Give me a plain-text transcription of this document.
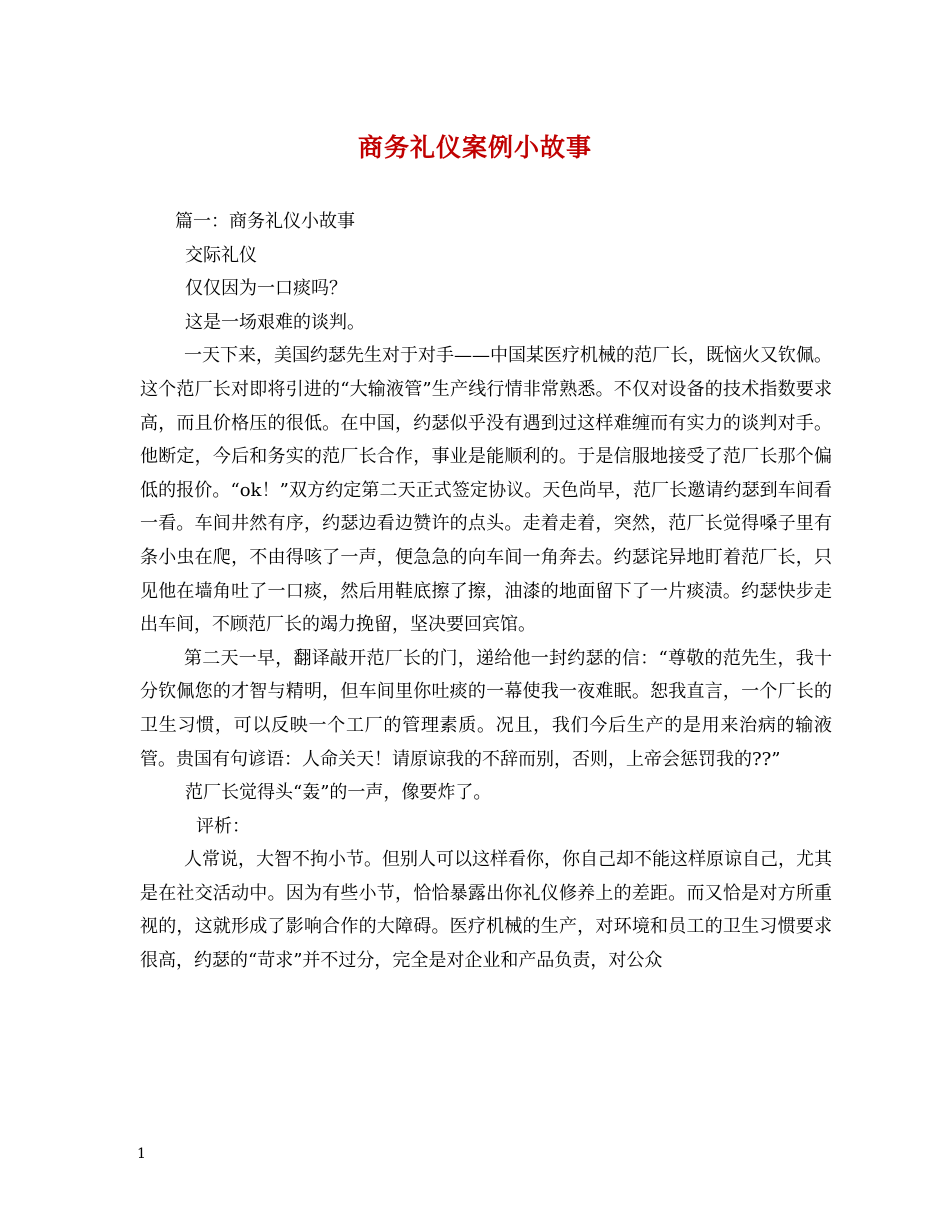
商务礼仪案例小故事

篇一：商务礼仪小故事

交际礼仪

仅仅因为一口痰吗？

这是一场艰难的谈判。

一天下来，美国约瑟先生对于对手——中国某医疗机械的范厂长，既恼火又钦佩。这个范厂长对即将引进的“大输液管”生产线行情非常熟悉。不仅对设备的技术指数要求高，而且价格压的很低。在中国，约瑟似乎没有遇到过这样难缠而有实力的谈判对手。他断定，今后和务实的范厂长合作，事业是能顺利的。于是信服地接受了范厂长那个偏低的报价。“ok！”双方约定第二天正式签定协议。天色尚早，范厂长邀请约瑟到车间看一看。车间井然有序，约瑟边看边赞许的点头。走着走着，突然，范厂长觉得嗓子里有条小虫在爬，不由得咳了一声，便急急的向车间一角奔去。约瑟诧异地盯着范厂长，只见他在墙角吐了一口痰，然后用鞋底擦了擦，油漆的地面留下了一片痰渍。约瑟快步走出车间，不顾范厂长的竭力挽留，坚决要回宾馆。

第二天一早，翻译敲开范厂长的门，递给他一封约瑟的信：“尊敬的范先生，我十分钦佩您的才智与精明，但车间里你吐痰的一幕使我一夜难眠。恕我直言，一个厂长的卫生习惯，可以反映一个工厂的管理素质。况且，我们今后生产的是用来治病的输液管。贵国有句谚语：人命关天！请原谅我的不辞而别，否则，上帝会惩罚我的??”

范厂长觉得头“轰”的一声，像要炸了。

评析：

人常说，大智不拘小节。但别人可以这样看你，你自己却不能这样原谅自己，尤其是在社交活动中。因为有些小节，恰恰暴露出你礼仪修养上的差距。而又恰是对方所重视的，这就形成了影响合作的大障碍。医疗机械的生产，对环境和员工的卫生习惯要求很高，约瑟的“苛求”并不过分，完全是对企业和产品负责，对公众

1
